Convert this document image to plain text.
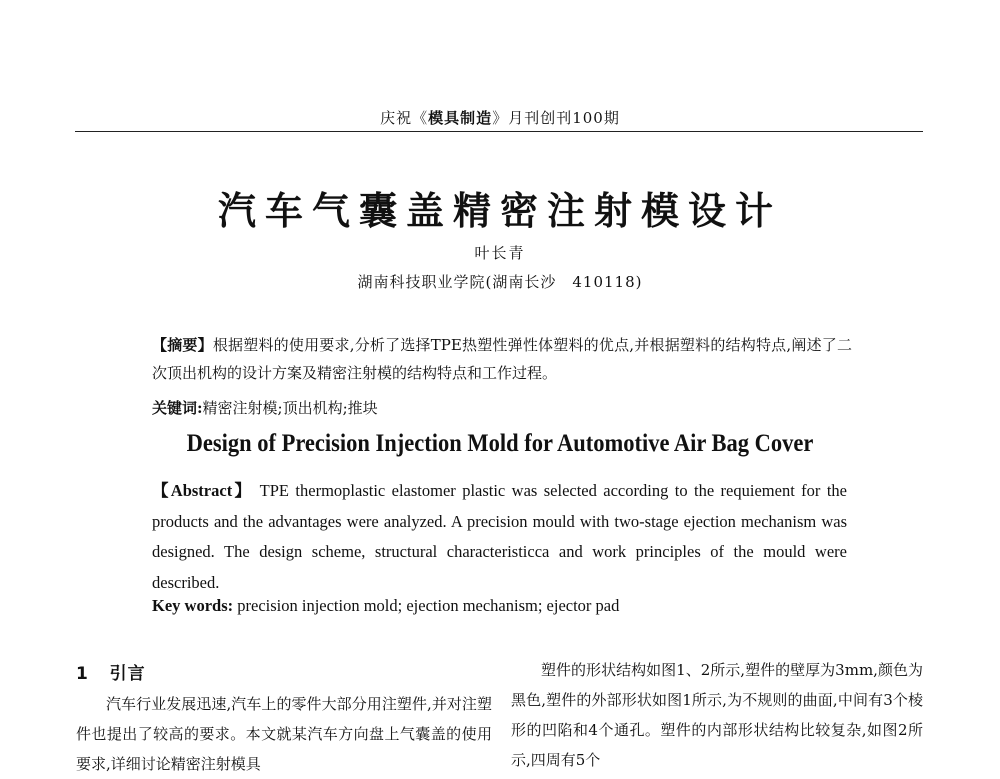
庆祝《模具制造》月刊创刊100期
汽车气囊盖精密注射模设计
叶长青
湖南科技职业学院(湖南长沙　410118)
【摘要】根据塑料的使用要求,分析了选择TPE热塑性弹性体塑料的优点,并根据塑料的结构特点,阐述了二次顶出机构的设计方案及精密注射模的结构特点和工作过程。
关键词:精密注射模;顶出机构;推块
Design of Precision Injection Mold for Automotive Air Bag Cover
【Abstract】 TPE thermoplastic elastomer plastic was selected according to the requiement for the products and the advantages were analyzed. A precision mould with two-stage ejection mechanism was designed. The design scheme, structural characteristicca and work principles of the mould were described.
Key words: precision injection mold; ejection mechanism; ejector pad
1 引言
汽车行业发展迅速,汽车上的零件大部分用注塑件,并对注塑件也提出了较高的要求。本文就某汽车方向盘上气囊盖的使用要求,详细讨论精密注射模具
塑件的形状结构如图1、2所示,塑件的壁厚为3mm,颜色为黑色,塑件的外部形状如图1所示,为不规则的曲面,中间有3个棱形的凹陷和4个通孔。塑件的内部形状结构比较复杂,如图2所示,四周有5个
